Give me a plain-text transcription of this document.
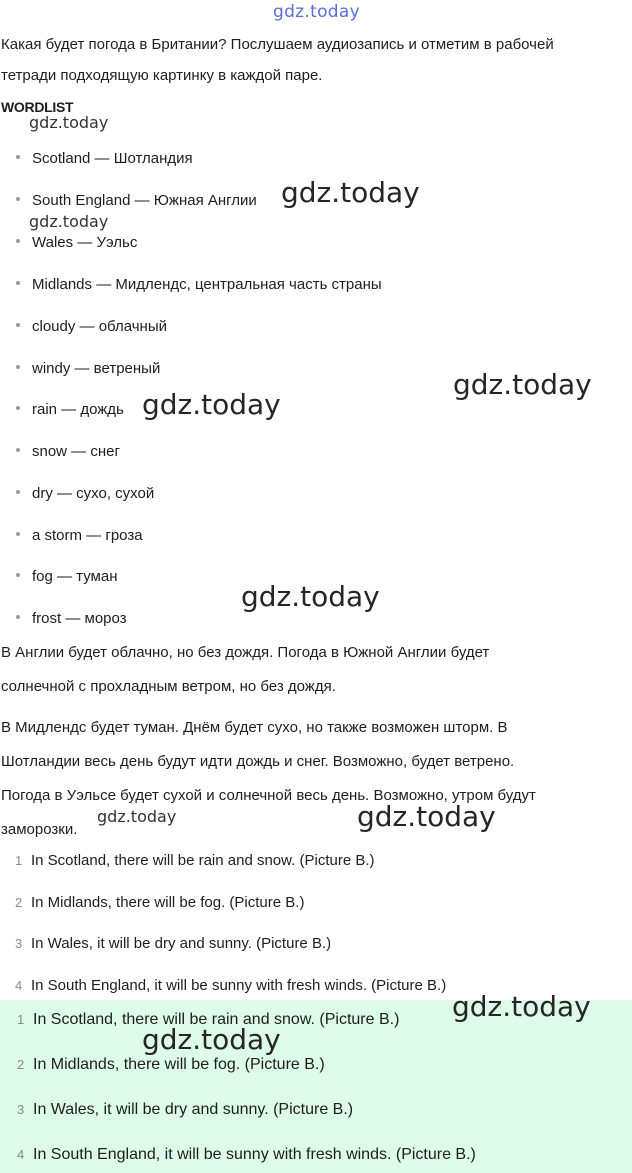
gdz.today

Какая будет погода в Британии? Послушаем аудиозапись и отметим в рабочей

тетради подходящую картинку в каждой паре.

WORDLIST
gdz.today
Scotland — Шотландия
South England — Южная Англии
Wales — Уэльс
Midlands — Мидлендс, центральная часть страны
cloudy — облачный
windy — ветреный
rain — дождь
snow — снег
dry — сухо, сухой
a storm — гроза
fog — туман
frost — мороз
gdz.today
gdz.today
gdz.today
gdz.today
gdz.today

В Англии будет облачно, но без дождя. Погода в Южной Англии будет

солнечной с прохладным ветром, но без дождя.

В Мидлендс будет туман. Днём будет сухо, но также возможен шторм. В

Шотландии весь день будут идти дождь и снег. Возможно, будет ветрено.

Погода в Уэльсе будет сухой и солнечной весь день. Возможно, утром будут

заморозки.

gdz.today	gdz.today
1 In Scotland, there will be rain and snow. (Picture B.)
2 In Midlands, there will be fog. (Picture B.)
3 In Wales, it will be dry and sunny. (Picture B.)
4 In South England, it will be sunny with fresh winds. (Picture B.)
1 In Scotland, there will be rain and snow. (Picture B.)
2 In Midlands, there will be fog. (Picture B.)
3 In Wales, it will be dry and sunny. (Picture B.)
4 In South England, it will be sunny with fresh winds. (Picture B.)
gdz.today
gdz.today
